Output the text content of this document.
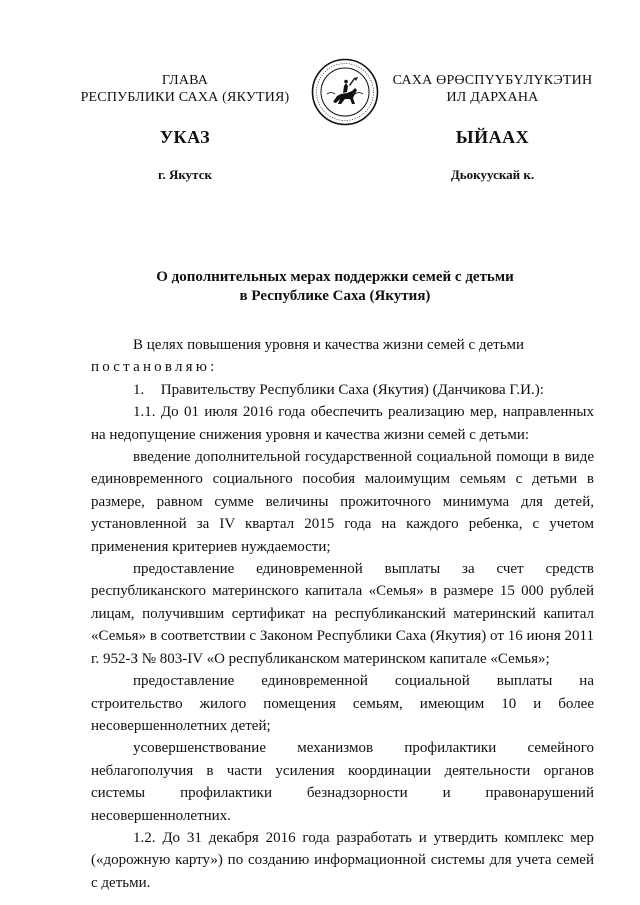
ГЛАВА
РЕСПУБЛИКИ САХА (ЯКУТИЯ)
САХА ӨРӨСПҮҮБҮЛҮКЭТИН
ИЛ ДАРХАНА
УКАЗ	ЫЙААХ
г. Якутск	Дьокуускай к.
О дополнительных мерах поддержки семей с детьми
в Республике Саха (Якутия)

В целях повышения уровня и качества жизни семей с детьми

постановляю:

1. Правительству Республики Саха (Якутия) (Данчикова Г.И.):

1.1. До 01 июля 2016 года обеспечить реализацию мер, направленных на недопущение снижения уровня и качества жизни семей с детьми:

введение дополнительной государственной социальной помощи в виде единовременного социального пособия малоимущим семьям с детьми в размере, равном сумме величины прожиточного минимума для детей, установленной за IV квартал 2015 года на каждого ребенка, с учетом применения критериев нуждаемости;

предоставление единовременной выплаты за счет средств республиканского материнского капитала «Семья» в размере 15 000 рублей лицам, получившим сертификат на республиканский материнский капитал «Семья» в соответствии с Законом Республики Саха (Якутия) от 16 июня 2011 г. 952-З № 803-IV «О республиканском материнском капитале «Семья»;

предоставление единовременной социальной выплаты на строительство жилого помещения семьям, имеющим 10 и более несовершеннолетних детей;

усовершенствование механизмов профилактики семейного неблагополучия в части усиления координации деятельности органов системы профилактики безнадзорности и правонарушений несовершеннолетних.

1.2. До 31 декабря 2016 года разработать и утвердить комплекс мер («дорожную карту») по созданию информационной системы для учета семей с детьми.
